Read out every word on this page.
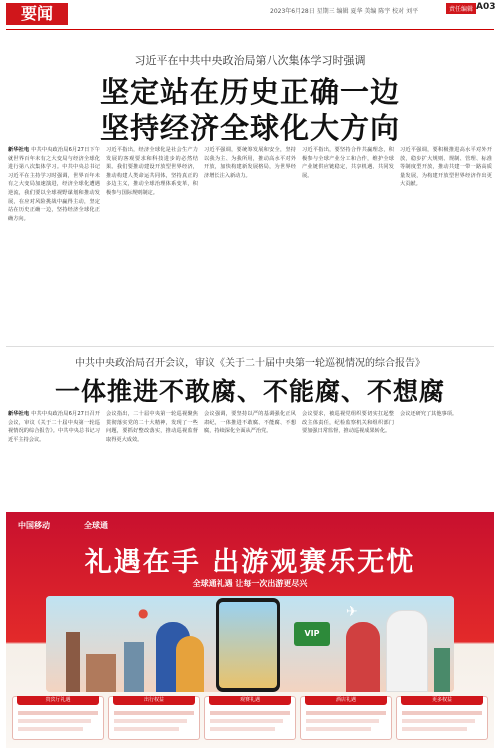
要闻	2023年6月28日 星期三 编辑 夏华 美编 陈宇 校对 刘平	责任编辑 A03
习近平在中共中央政治局第八次集体学习时强调
坚定站在历史正确一边
坚持经济全球化大方向

新华社电 中共中央政治局6月27日下午就世界百年未有之大变局与经济全球化进行第八次集体学习。中共中央总书记习近平在主持学习时强调，世界百年未有之大变局加速演进，经济全球化遭遇逆流，我们要以全球视野谋划和推动发展，在应对风险挑战中赢得主动，坚定站在历史正确一边，坚持经济全球化正确方向。

习近平指出，经济全球化是社会生产力发展的客观要求和科技进步的必然结果。我们要推动建设开放型世界经济，推动构建人类命运共同体，坚持真正的多边主义，推动全球治理体系变革，积极参与国际规则制定。

习近平强调，要统筹发展和安全，坚持以我为主、为我所用，推动高水平对外开放，加快构建新发展格局，为世界经济增长注入新动力。

习近平指出，要坚持合作共赢理念，积极参与全球产业分工和合作，维护全球产业链供应链稳定，共享机遇、共同发展。

习近平强调，要积极推进高水平对外开放，稳步扩大规则、规制、管理、标准等制度型开放，推动共建一带一路高质量发展，为构建开放型世界经济作出更大贡献。

中共中央政治局召开会议，审议《关于二十届中央第一轮巡视情况的综合报告》
一体推进不敢腐、不能腐、不想腐

新华社电 中共中央政治局6月27日召开会议，审议《关于二十届中央第一轮巡视情况的综合报告》。中共中央总书记习近平主持会议。

会议指出，二十届中央第一轮巡视聚焦贯彻落实党的二十大精神，发现了一些问题，要抓好整改落实，推动巡视监督取得更大成效。

会议强调，要坚持以严的基调强化正风肃纪，一体推进不敢腐、不能腐、不想腐，持续深化全面从严治党。

会议要求，被巡视党组织要切实扛起整改主体责任，纪检监察机关和组织部门要加强日常监督，推动巡视成果转化。

会议还研究了其他事项。

中国移动	全球通
礼遇在手 出游观赛乐无忧
全球通礼遇 让每一次出游更尽兴
●
VIP
✈
贵宾厅礼遇	出行权益	观赛礼遇	酒店礼遇	更多权益
